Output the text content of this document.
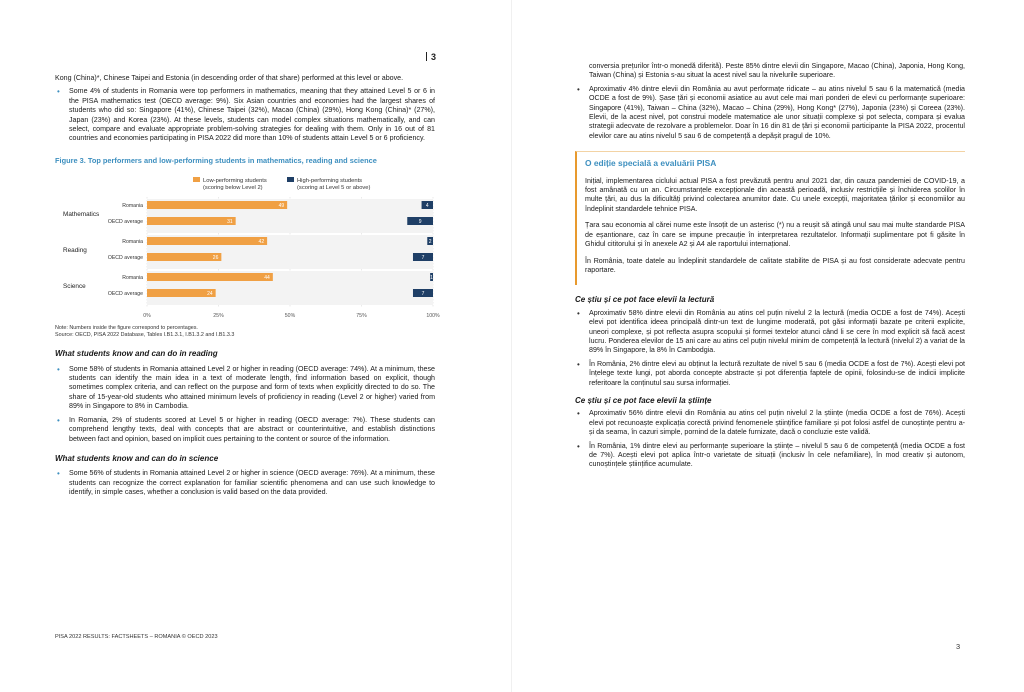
3

Kong (China)*, Chinese Taipei and Estonia (in descending order of that share) performed at this level or above.

• Some 4% of students in Romania were top performers in mathematics, meaning that they attained Level 5 or 6 in the PISA mathematics test (OECD average: 9%). Six Asian countries and economies had the largest shares of students who did so: Singapore (41%), Chinese Taipei (32%), Macao (China) (29%), Hong Kong (China)* (27%), Japan (23%) and Korea (23%). At these levels, students can model complex situations mathematically, and can select, compare and evaluate appropriate problem-solving strategies for dealing with them. Only in 16 out of 81 countries and economies participating in PISA 2022 did more than 10% of students attain Level 5 or 6 proficiency.
Figure 3. Top performers and low-performing students in mathematics, reading and science
Low-performing students
(scoring below Level 2)
High-performing students
(scoring at Level 5 or above)
0%	25%	50%	75%	100%
Mathematics
Romania	49	4
OECD average	31	9
Reading
Romania	42	2
OECD average	26	7
Science
Romania	44	1
OECD average	24	7
Note: Numbers inside the figure correspond to percentages.
Source: OECD, PISA 2022 Database, Tables I.B1.3.1, I.B1.3.2 and I.B1.3.3
What students know and can do in reading
• Some 58% of students in Romania attained Level 2 or higher in reading (OECD average: 74%). At a minimum, these students can identify the main idea in a text of moderate length, find information based on explicit, though sometimes complex criteria, and can reflect on the purpose and form of texts when explicitly directed to do so. The share of 15-year-old students who attained minimum levels of proficiency in reading (Level 2 or higher) varied from 89% in Singapore to 8% in Cambodia.
• In Romania, 2% of students scored at Level 5 or higher in reading (OECD average: 7%). These students can comprehend lengthy texts, deal with concepts that are abstract or counterintuitive, and establish distinctions between fact and opinion, based on implicit cues pertaining to the content or source of the information.
What students know and can do in science
• Some 56% of students in Romania attained Level 2 or higher in science (OECD average: 76%). At a minimum, these students can recognize the correct explanation for familiar scientific phenomena and can use such knowledge to identify, in simple cases, whether a conclusion is valid based on the data provided.
PISA 2022 RESULTS: FACTSHEETS – ROMANIA © OECD 2023

conversia prețurilor într-o monedă diferită). Peste 85% dintre elevii din Singapore, Macao (China), Japonia, Hong Kong, Taiwan (China) și Estonia s-au situat la acest nivel sau la nivelurile superioare.

• Aproximativ 4% dintre elevii din România au avut performațe ridicate – au atins nivelul 5 sau 6 la matematică (media OCDE a fost de 9%). Șase țări și economii asiatice au avut cele mai mari ponderi de elevi cu performanțe superioare: Singapore (41%), Taiwan – China (32%), Macao – China (29%), Hong Kong* (27%), Japonia (23%) și Coreea (23%). Elevii, de la acest nivel, pot construi modele matematice ale unor situații complexe și pot selecta, compara și evalua strategii adecvate de rezolvare a problemelor. Doar în 16 din 81 de țări și economii participante la PISA 2022, procentul elevilor care au atins nivelul 5 sau 6 de competență a depășit pragul de 10%.
O ediție specială a evaluării PISA

Inițial, implementarea ciclului actual PISA a fost prevăzută pentru anul 2021 dar, din cauza pandemiei de COVID-19, a fost amânată cu un an. Circumstanțele excepționale din această perioadă, inclusiv restricțiile și închiderea școlilor în multe țări, au dus la dificultăți privind colectarea anumitor date. Cu unele excepții, majoritatea țărilor și economiilor au îndeplinit standardele tehnice PISA.

Țara sau economia al cărei nume este însoțit de un asterisc (*) nu a reușit să atingă unul sau mai multe standarde PISA de eșantionare, caz în care se impune precauție în interpretarea rezultatelor. Informații suplimentare pot fi găsite în Ghidul cititorului și în anexele A2 și A4 ale raportului internațional.

În România, toate datele au îndeplinit standardele de calitate stabilite de PISA și au fost considerate adecvate pentru raportare.

Ce știu și ce pot face elevii la lectură
• Aproximativ 58% dintre elevii din România au atins cel puțin nivelul 2 la lectură (media OCDE a fost de 74%). Acești elevi pot identifica ideea principală dintr-un text de lungime moderată, pot găsi informații bazate pe criterii explicite, uneori complexe, și pot reflecta asupra scopului și formei textelor atunci când li se cere în mod explicit să facă acest lucru. Ponderea elevilor de 15 ani care au atins cel puțin nivelul minim de competență la lectură (nivelul 2) a variat de la 89% în Singapore, la 8% în Cambodgia.
• În România, 2% dintre elevi au obținut la lectură rezultate de nivel 5 sau 6 (media OCDE a fost de 7%). Acești elevi pot înțelege texte lungi, pot aborda concepte abstracte și pot diferenția faptele de opinii, folosindu-se de indicii implicite referitoare la conținutul sau sursa informației.
Ce știu și ce pot face elevii la științe
• Aproximativ 56% dintre elevii din România au atins cel puțin nivelul 2 la științe (media OCDE a fost de 76%). Acești elevi pot recunoaște explicația corectă privind fenomenele științifice familiare și pot folosi astfel de cunoștințe pentru a-și da seama, în cazuri simple, pornind de la datele furnizate, dacă o concluzie este validă.
• În România, 1% dintre elevi au performanțe superioare la științe – nivelul 5 sau 6 de competență (media OCDE a fost de 7%). Acești elevi pot aplica într-o varietate de situații (inclusiv în cele nefamiliare), în mod creativ și autonom, cunoștințele științifice acumulate.
3
